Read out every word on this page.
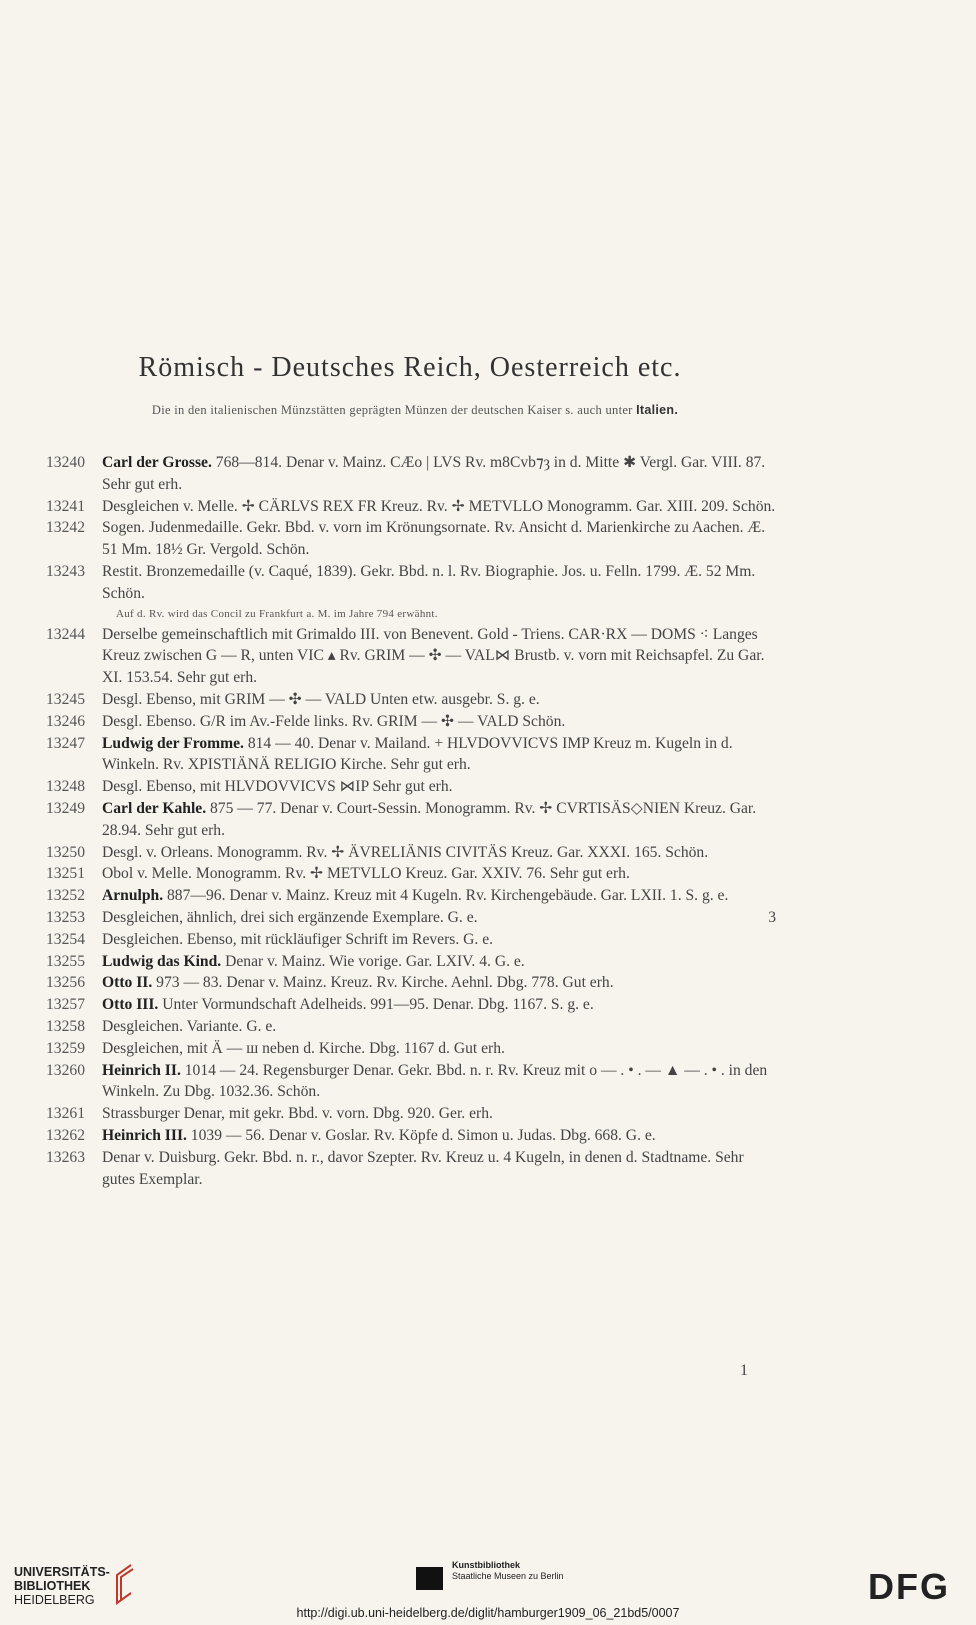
Römisch - Deutsches Reich, Oesterreich etc.
Die in den italienischen Münzstätten geprägten Münzen der deutschen Kaiser s. auch unter Italien.
13240 Carl der Grosse. 768—814. Denar v. Mainz. CÆo | LVS Rv. m8Cvb⁊ȝ in d. Mitte ✱ Vergl. Gar. VIII. 87. Sehr gut erh.
13241 Desgleichen v. Melle. ✢ CÄRLVS REX FR Kreuz. Rv. ✢ METVLLO Monogramm. Gar. XIII. 209. Schön.
13242 Sogen. Judenmedaille. Gekr. Bbd. v. vorn im Krönungsornate. Rv. Ansicht d. Marienkirche zu Aachen. Æ. 51 Mm. 18½ Gr. Vergold. Schön.
13243 Restit. Bronzemedaille (v. Caqué, 1839). Gekr. Bbd. n. l. Rv. Biographie. Jos. u. Felln. 1799. Æ. 52 Mm. Schön.
Auf d. Rv. wird das Concil zu Frankfurt a. M. im Jahre 794 erwähnt.
13244 Derselbe gemeinschaftlich mit Grimaldo III. von Benevent. Gold - Triens. CAR·RX — DOMS ⁖ Langes Kreuz zwischen G — R, unten VIC ▴ Rv. GRIM — ✣ — VAL⋈ Brustb. v. vorn mit Reichsapfel. Zu Gar. XI. 153.54. Sehr gut erh.
13245 Desgl. Ebenso, mit GRIM — ✣ — VALD Unten etw. ausgebr. S. g. e.
13246 Desgl. Ebenso. G/R im Av.-Felde links. Rv. GRIM — ✣ — VALD Schön.
13247 Ludwig der Fromme. 814 — 40. Denar v. Mailand. + HLVDOVVICVS IMP Kreuz m. Kugeln in d. Winkeln. Rv. XPISTIÄNÄ RELIGIO Kirche. Sehr gut erh.
13248 Desgl. Ebenso, mit HLVDOVVICVS ⋈IP Sehr gut erh.
13249 Carl der Kahle. 875 — 77. Denar v. Court-Sessin. Monogramm. Rv. ✢ CVRTISÄS◇NIEN Kreuz. Gar. 28.94. Sehr gut erh.
13250 Desgl. v. Orleans. Monogramm. Rv. ✢ ÄVRELIÄNIS CIVITÄS Kreuz. Gar. XXXI. 165. Schön.
13251 Obol v. Melle. Monogramm. Rv. ✢ METVLLO Kreuz. Gar. XXIV. 76. Sehr gut erh.
13252 Arnulph. 887—96. Denar v. Mainz. Kreuz mit 4 Kugeln. Rv. Kirchengebäude. Gar. LXII. 1. S. g. e.
13253 Desgleichen, ähnlich, drei sich ergänzende Exemplare. G. e.	3
13254 Desgleichen. Ebenso, mit rückläufiger Schrift im Revers. G. e.
13255 Ludwig das Kind. Denar v. Mainz. Wie vorige. Gar. LXIV. 4. G. e.
13256 Otto II. 973 — 83. Denar v. Mainz. Kreuz. Rv. Kirche. Aehnl. Dbg. 778. Gut erh.
13257 Otto III. Unter Vormundschaft Adelheids. 991—95. Denar. Dbg. 1167. S. g. e.
13258 Desgleichen. Variante. G. e.
13259 Desgleichen, mit Ä — ш neben d. Kirche. Dbg. 1167 d. Gut erh.
13260 Heinrich II. 1014 — 24. Regensburger Denar. Gekr. Bbd. n. r. Rv. Kreuz mit o — . • . — ▲ — . • . in den Winkeln. Zu Dbg. 1032.36. Schön.
13261 Strassburger Denar, mit gekr. Bbd. v. vorn. Dbg. 920. Ger. erh.
13262 Heinrich III. 1039 — 56. Denar v. Goslar. Rv. Köpfe d. Simon u. Judas. Dbg. 668. G. e.
13263 Denar v. Duisburg. Gekr. Bbd. n. r., davor Szepter. Rv. Kreuz u. 4 Kugeln, in denen d. Stadtname. Sehr gutes Exemplar.
1
UNIVERSITÄTS-
BIBLIOTHEK
HEIDELBERG
Kunstbibliothek
Staatliche Museen zu Berlin	DFG
http://digi.ub.uni-heidelberg.de/diglit/hamburger1909_06_21bd5/0007
